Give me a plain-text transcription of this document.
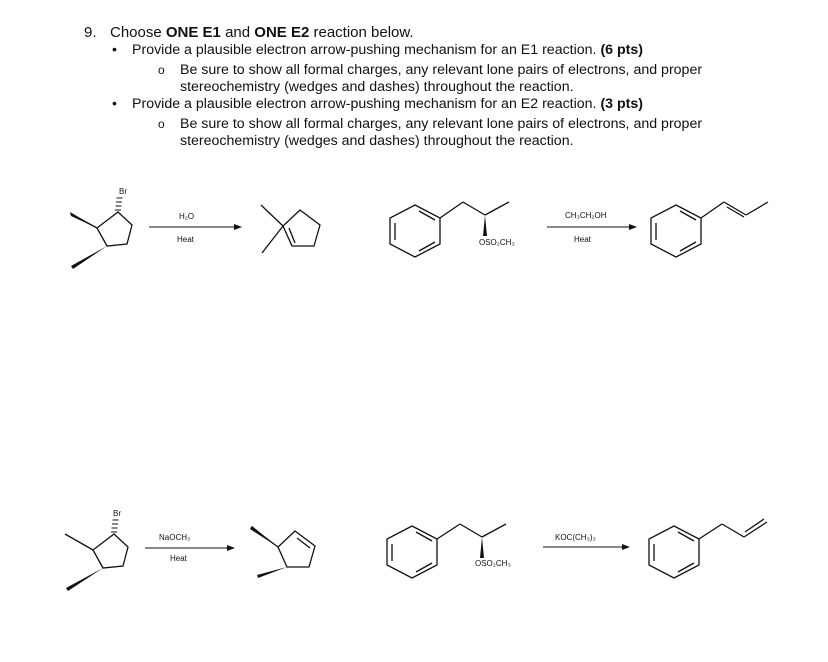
9. Choose ONE E1 and ONE E2 reaction below.
• Provide a plausible electron arrow-pushing mechanism for an E1 reaction. (6 pts)
o Be sure to show all formal charges, any relevant lone pairs of electrons, and proper
stereochemistry (wedges and dashes) throughout the reaction.
• Provide a plausible electron arrow-pushing mechanism for an E2 reaction. (3 pts)
o Be sure to show all formal charges, any relevant lone pairs of electrons, and proper
stereochemistry (wedges and dashes) throughout the reaction.
Br
H₂O
Heat	OSO₂CH₃
CH₃CH₂OH
Heat
Br
NaOCH₃
Heat
OSO₂CH₃
KOC(CH₃)₃
